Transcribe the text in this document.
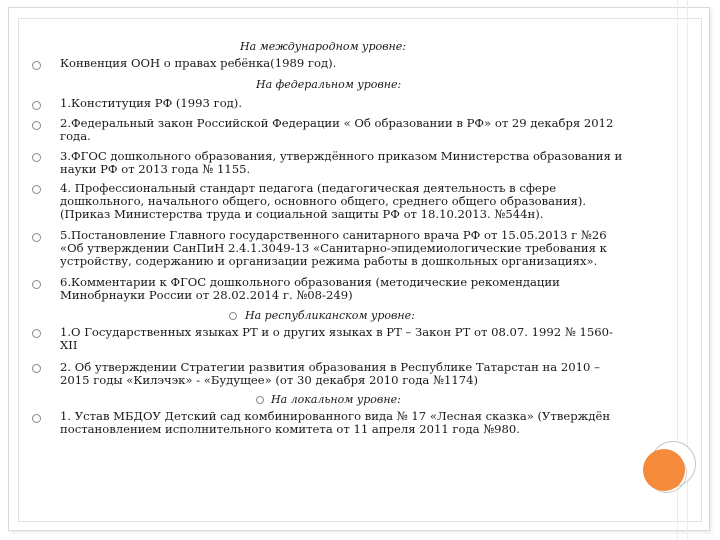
На международном уровне:
Конвенция ООН о правах ребёнка(1989 год).
На федеральном уровне:
1.Конституция РФ (1993 год).
2.Федеральный закон Российской Федерации « Об образовании в РФ» от 29 декабря 2012
года.
3.ФГОС дошкольного образования, утверждённого приказом Министерства образования и
науки РФ от 2013 года № 1155.
4. Профессиональный стандарт педагога (педагогическая деятельность в сфере
дошкольного, начального общего, основного общего, среднего общего образования).
(Приказ Министерства труда и социальной защиты РФ от 18.10.2013. №544н).
5.Постановление Главного государственного санитарного врача РФ от 15.05.2013 г №26
«Об утверждении СанПиН 2.4.1.3049-13 «Санитарно-эпидемиологические требования к
устройству, содержанию и организации режима работы в дошкольных организациях».
6.Комментарии к ФГОС дошкольного образования (методические рекомендации
Минобрнауки России от 28.02.2014 г. №08-249)
На республиканском уровне:
1.О Государственных языках РТ и о других языках в РТ – Закон РТ от 08.07. 1992 № 1560-
XII
2. Об утверждении Стратегии развития образования в Республике Татарстан на 2010 –
2015 годы «Килэчэк» - «Будущее» (от 30 декабря 2010 года №1174)
На локальном уровне:
1. Устав МБДОУ Детский сад комбинированного вида № 17 «Лесная сказка» (Утверждён
постановлением исполнительного комитета от 11 апреля 2011 года №980.
